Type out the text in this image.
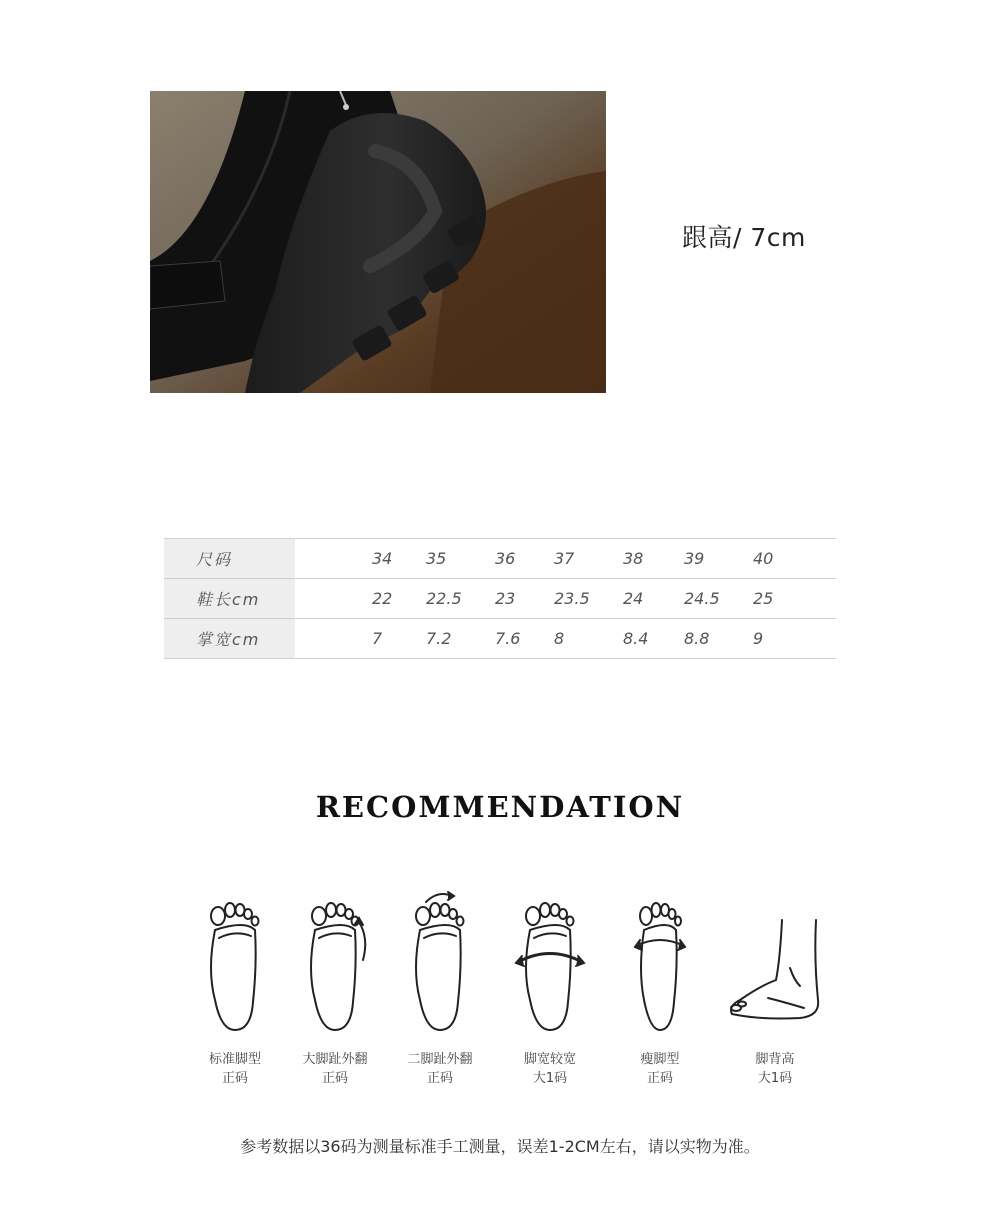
跟高/ 7cm
尺码		34	35	36	37	38	39	40
鞋长cm		22	22.5	23	23.5	24	24.5	25
掌宽cm		7	7.2	7.6	8	8.4	8.8	9
RECOMMENDATION
标准脚型
正码
大脚趾外翻
正码
二脚趾外翻
正码
脚宽较宽
大1码
瘦脚型
正码
脚背高
大1码
参考数据以36码为测量标准手工测量，误差1-2CM左右，请以实物为准。
